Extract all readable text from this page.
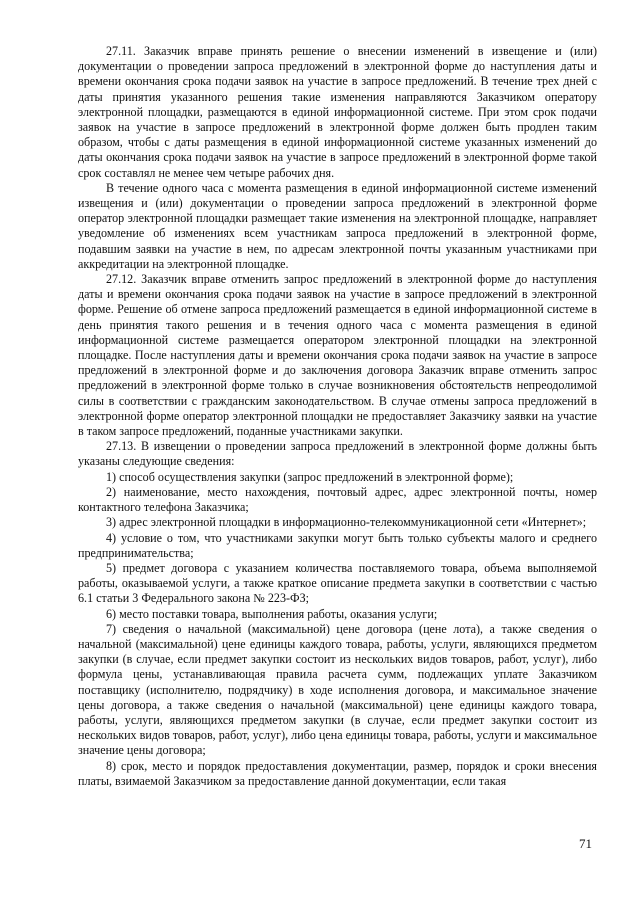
27.11. Заказчик вправе принять решение о внесении изменений в извещение и (или) документации о проведении запроса предложений в электронной форме до наступления даты и времени окончания срока подачи заявок на участие в запросе предложений. В течение трех дней с даты принятия указанного решения такие изменения направляются Заказчиком оператору электронной площадки, размещаются в единой информационной системе. При этом срок подачи заявок на участие в запросе предложений в электронной форме должен быть продлен таким образом, чтобы с даты размещения в единой информационной системе указанных изменений до даты окончания срока подачи заявок на участие в запросе предложений в электронной форме такой срок составлял не менее чем четыре рабочих дня.

В течение одного часа с момента размещения в единой информационной системе изменений извещения и (или) документации о проведении запроса предложений в электронной форме оператор электронной площадки размещает такие изменения на электронной площадке, направляет уведомление об изменениях всем участникам запроса предложений в электронной форме, подавшим заявки на участие в нем, по адресам электронной почты указанным участниками при аккредитации на электронной площадке.

27.12. Заказчик вправе отменить запрос предложений в электронной форме до наступления даты и времени окончания срока подачи заявок на участие в запросе предложений в электронной форме. Решение об отмене запроса предложений размещается в единой информационной системе в день принятия такого решения и в течения одного часа с момента размещения в единой информационной системе размещается оператором электронной площадки на электронной площадке. После наступления даты и времени окончания срока подачи заявок на участие в запросе предложений в электронной форме и до заключения договора Заказчик вправе отменить запрос предложений в электронной форме только в случае возникновения обстоятельств непреодолимой силы в соответствии с гражданским законодательством. В случае отмены запроса предложений в электронной форме оператор электронной площадки не предоставляет Заказчику заявки на участие в таком запросе предложений, поданные участниками закупки.

27.13. В извещении о проведении запроса предложений в электронной форме должны быть указаны следующие сведения:

1) способ осуществления закупки (запрос предложений в электронной форме);

2) наименование, место нахождения, почтовый адрес, адрес электронной почты, номер контактного телефона Заказчика;

3) адрес электронной площадки в информационно-телекоммуникационной сети «Интернет»;

4) условие о том, что участниками закупки могут быть только субъекты малого и среднего предпринимательства;

5) предмет договора с указанием количества поставляемого товара, объема выполняемой работы, оказываемой услуги, а также краткое описание предмета закупки в соответствии с частью 6.1 статьи 3 Федерального закона № 223-ФЗ;

6) место поставки товара, выполнения работы, оказания услуги;

7) сведения о начальной (максимальной) цене договора (цене лота), а также сведения о начальной (максимальной) цене единицы каждого товара, работы, услуги, являющихся предметом закупки (в случае, если предмет закупки состоит из нескольких видов товаров, работ, услуг), либо формула цены, устанавливающая правила расчета сумм, подлежащих уплате Заказчиком поставщику (исполнителю, подрядчику) в ходе исполнения договора, и максимальное значение цены договора, а также сведения о начальной (максимальной) цене единицы каждого товара, работы, услуги, являющихся предметом закупки (в случае, если предмет закупки состоит из нескольких видов товаров, работ, услуг), либо цена единицы товара, работы, услуги и максимальное значение цены договора;

8) срок, место и порядок предоставления документации, размер, порядок и сроки внесения платы, взимаемой Заказчиком за предоставление данной документации, если такая

71
